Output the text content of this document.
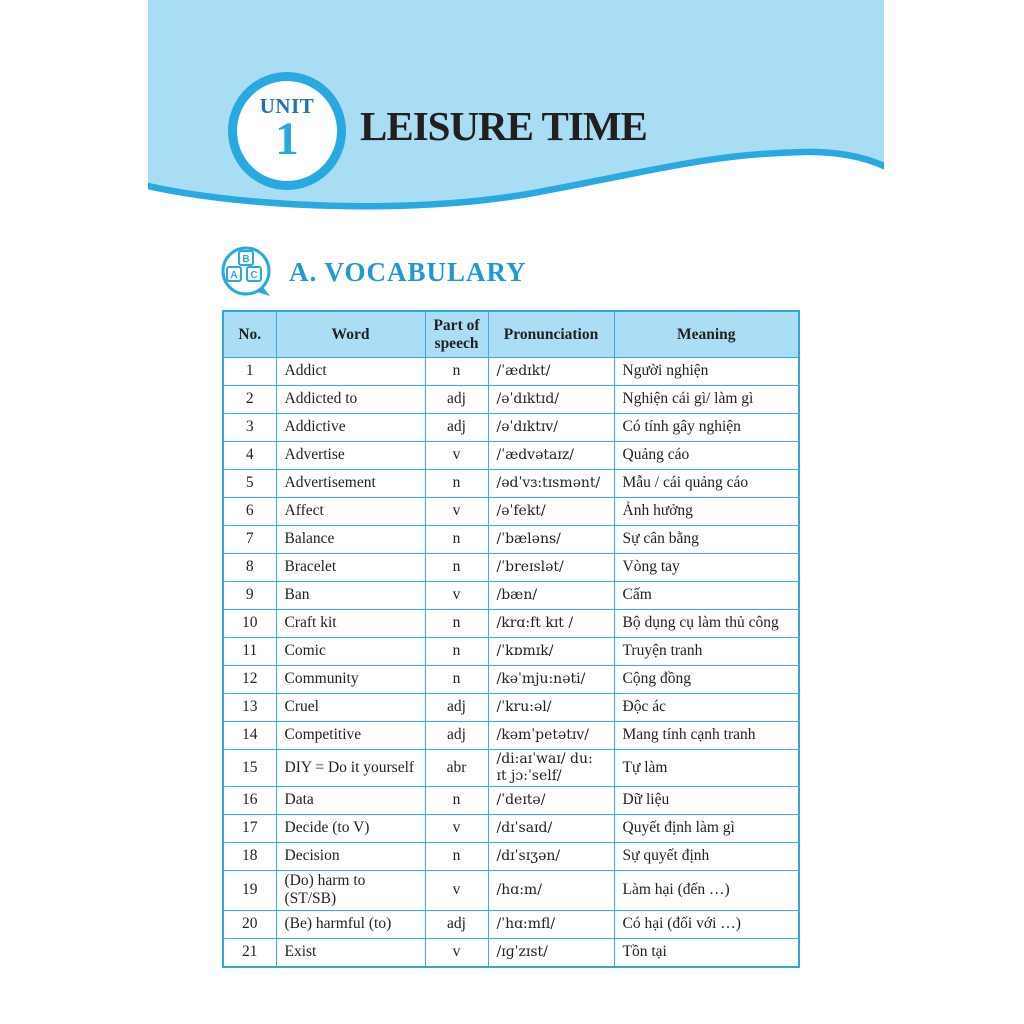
UNIT
1	LEISURE TIME
B
A C A. VOCABULARY
No.	Word	Part of speech	Pronunciation	Meaning
1	Addict	n	/ˈædɪkt/	Người nghiện
2	Addicted to	adj	/əˈdɪktɪd/	Nghiện cái gì/ làm gì
3	Addictive	adj	/əˈdɪktɪv/	Có tính gây nghiện
4	Advertise	v	/ˈædvətaɪz/	Quảng cáo
5	Advertisement	n	/ədˈvɜ:tɪsmənt/	Mẫu / cái quảng cáo
6	Affect	v	/əˈfekt/	Ảnh hưởng
7	Balance	n	/ˈbæləns/	Sự cân bằng
8	Bracelet	n	/ˈbreɪslət/	Vòng tay
9	Ban	v	/bæn/	Cấm
10	Craft kit	n	/krɑ:ft kɪt /	Bộ dụng cụ làm thủ công
11	Comic	n	/ˈkɒmɪk/	Truyện tranh
12	Community	n	/kəˈmju:nəti/	Cộng đồng
13	Cruel	adj	/ˈkru:əl/	Độc ác
14	Competitive	adj	/kəmˈpetətɪv/	Mang tính cạnh tranh
15	DIY = Do it yourself	abr	/di:aɪˈwaɪ/ du: ɪt jɔ:ˈself/	Tự làm
16	Data	n	/ˈdeɪtə/	Dữ liệu
17	Decide (to V)	v	/dɪˈsaɪd/	Quyết định làm gì
18	Decision	n	/dɪˈsɪʒən/	Sự quyết định
19	(Do) harm to (ST/SB)	v	/hɑ:m/	Làm hại (đến …)
20	(Be) harmful (to)	adj	/ˈhɑ:mfl/	Có hại (đối với …)
21	Exist	v	/ɪɡˈzɪst/	Tồn tại
